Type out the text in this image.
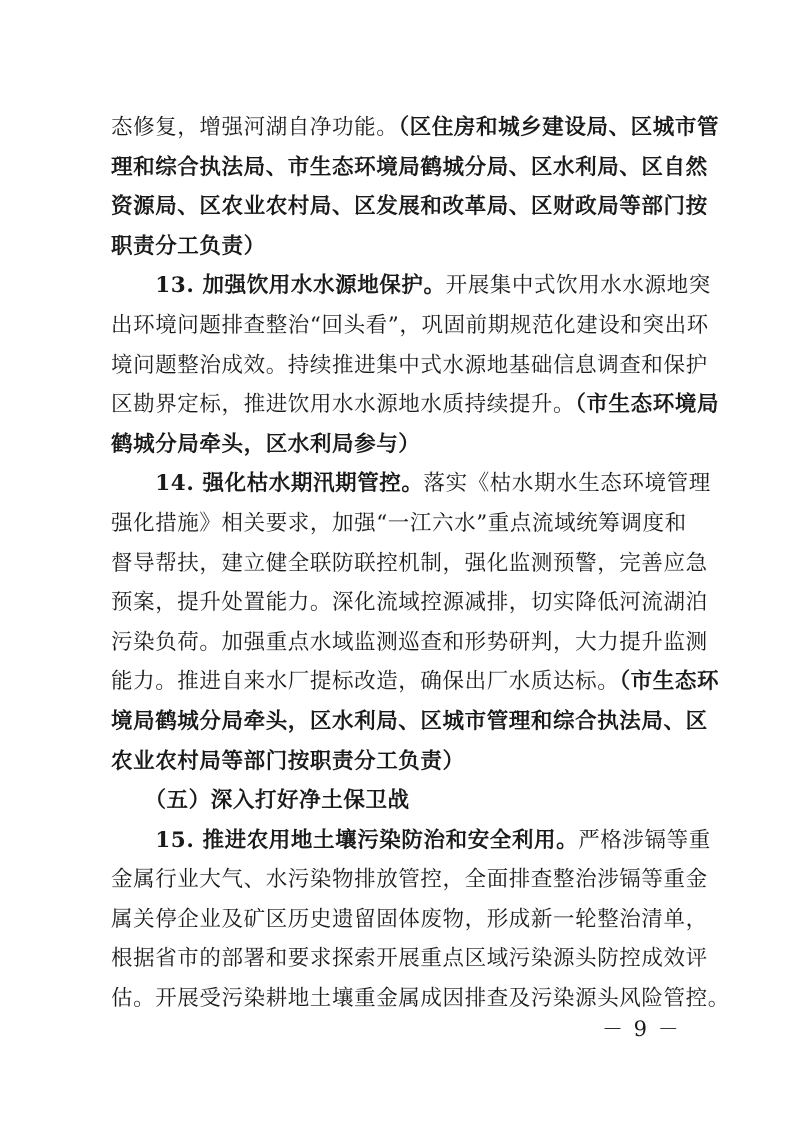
态修复，增强河湖自净功能。（区住房和城乡建设局、区城市管
理和综合执法局、市生态环境局鹤城分局、区水利局、区自然
资源局、区农业农村局、区发展和改革局、区财政局等部门按
职责分工负责）
　　13. 加强饮用水水源地保护。开展集中式饮用水水源地突
出环境问题排查整治“回头看”，巩固前期规范化建设和突出环
境问题整治成效。持续推进集中式水源地基础信息调查和保护
区勘界定标，推进饮用水水源地水质持续提升。（市生态环境局
鹤城分局牵头，区水利局参与）
　　14. 强化枯水期汛期管控。落实《枯水期水生态环境管理
强化措施》相关要求，加强“一江六水”重点流域统筹调度和
督导帮扶，建立健全联防联控机制，强化监测预警，完善应急
预案，提升处置能力。深化流域控源减排，切实降低河流湖泊
污染负荷。加强重点水域监测巡查和形势研判，大力提升监测
能力。推进自来水厂提标改造，确保出厂水质达标。（市生态环
境局鹤城分局牵头，区水利局、区城市管理和综合执法局、区
农业农村局等部门按职责分工负责）
　　（五）深入打好净土保卫战
　　15. 推进农用地土壤污染防治和安全利用。严格涉镉等重
金属行业大气、水污染物排放管控，全面排查整治涉镉等重金
属关停企业及矿区历史遗留固体废物，形成新一轮整治清单，
根据省市的部署和要求探索开展重点区域污染源头防控成效评
估。开展受污染耕地土壤重金属成因排查及污染源头风险管控。
－ 9 －
